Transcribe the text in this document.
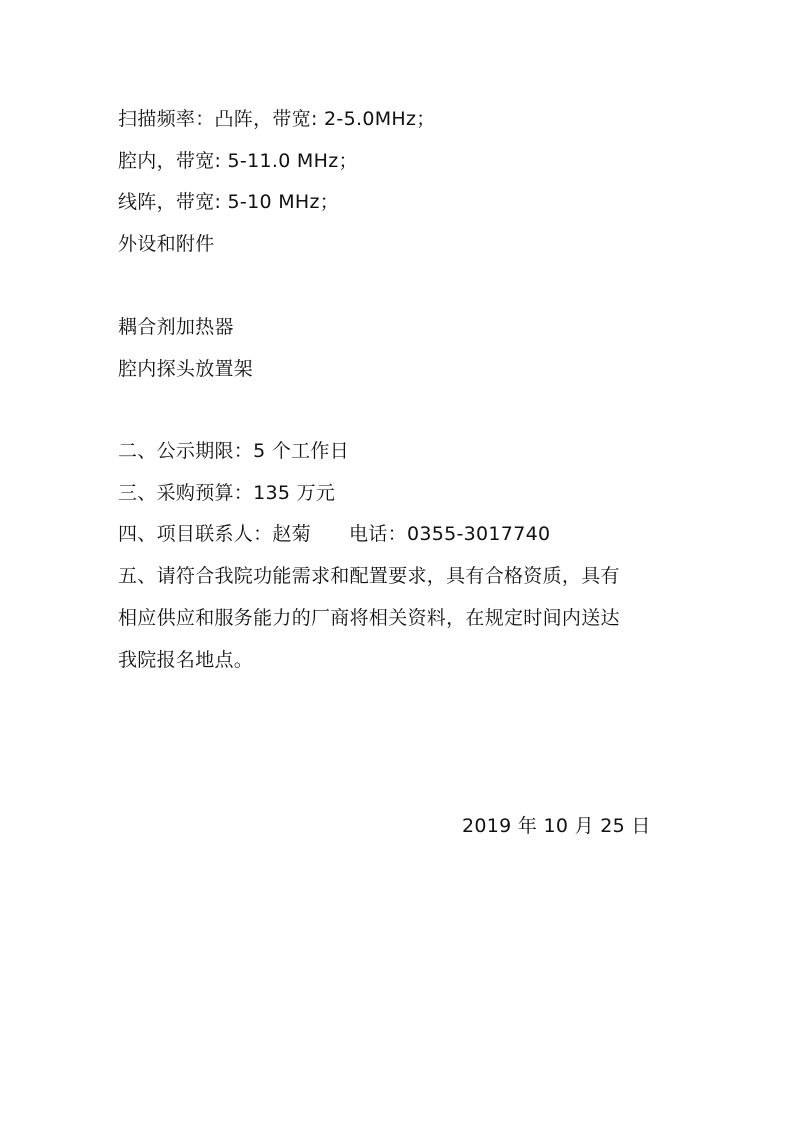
扫描频率：凸阵，带宽: 2-5.0MHz；
腔内，带宽: 5-11.0 MHz；
线阵，带宽: 5-10 MHz；
外设和附件
耦合剂加热器
腔内探头放置架
二、公示期限：5 个工作日
三、采购预算：135 万元
四、项目联系人：赵菊      电话：0355-3017740
五、请符合我院功能需求和配置要求，具有合格资质，具有
相应供应和服务能力的厂商将相关资料，在规定时间内送达
我院报名地点。
2019 年 10 月 25 日
